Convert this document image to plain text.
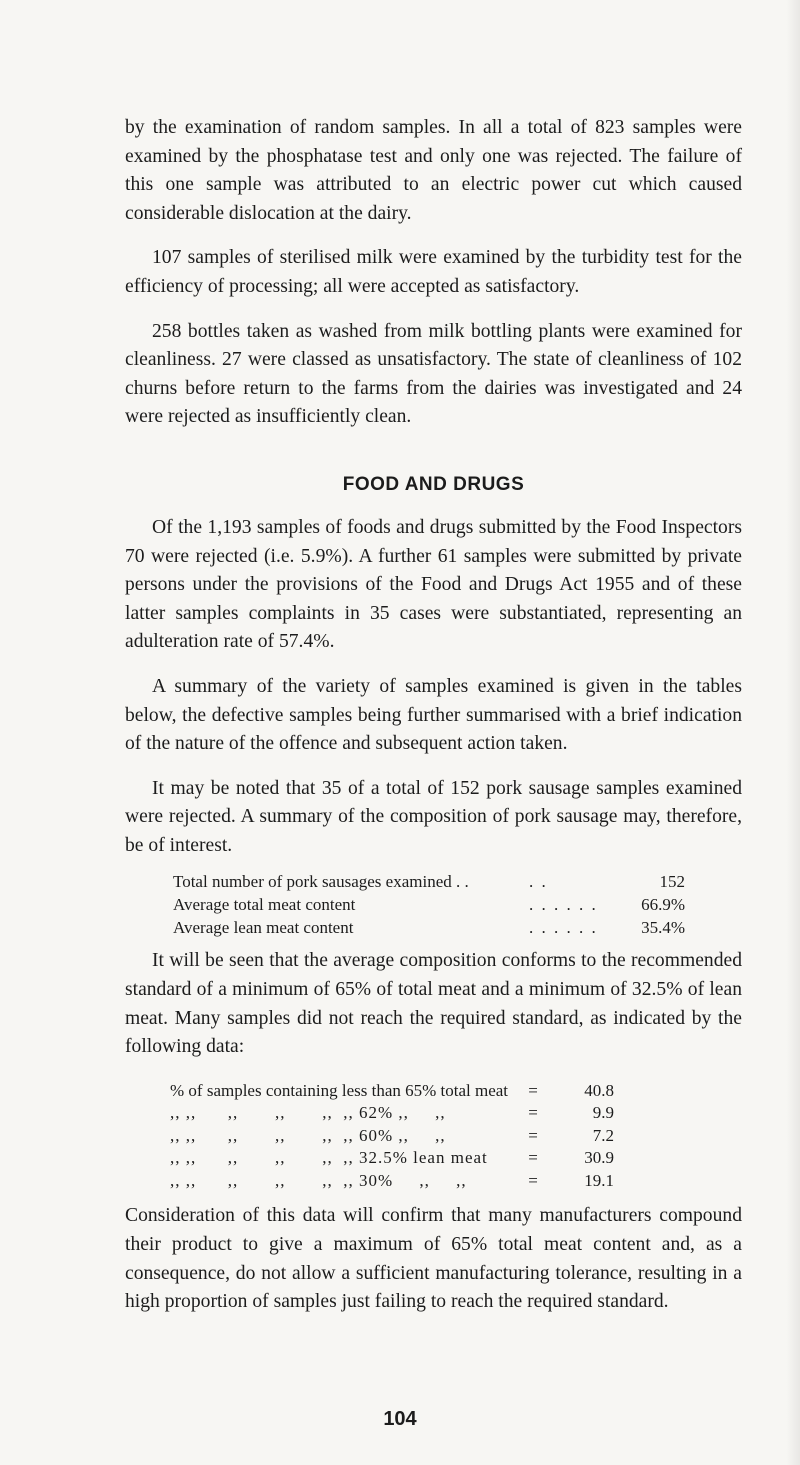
by the examination of random samples. In all a total of 823 samples were examined by the phosphatase test and only one was rejected. The failure of this one sample was attributed to an electric power cut which caused considerable dislocation at the dairy.

107 samples of sterilised milk were examined by the turbidity test for the efficiency of processing; all were accepted as satisfactory.

258 bottles taken as washed from milk bottling plants were examined for cleanliness. 27 were classed as unsatisfactory. The state of cleanliness of 102 churns before return to the farms from the dairies was investigated and 24 were rejected as insufficiently clean.

FOOD AND DRUGS

Of the 1,193 samples of foods and drugs submitted by the Food Inspectors 70 were rejected (i.e. 5.9%). A further 61 samples were submitted by private persons under the provisions of the Food and Drugs Act 1955 and of these latter samples complaints in 35 cases were substantiated, representing an adulteration rate of 57.4%.

A summary of the variety of samples examined is given in the tables below, the defective samples being further summarised with a brief indication of the nature of the offence and subsequent action taken.

It may be noted that 35 of a total of 152 pork sausage samples examined were rejected. A summary of the composition of pork sausage may, therefore, be of interest.

Total number of pork sausages examined . .	. .	152
Average total meat content	. . . . . .	66.9%
Average lean meat content	. . . . . .	35.4%

It will be seen that the average composition conforms to the recommended standard of a minimum of 65% of total meat and a minimum of 32.5% of lean meat. Many samples did not reach the required standard, as indicated by the following data:

% of samples containing less than 65% total meat	=	40.8
,, ,,      ,,       ,,       ,,  ,, 62% ,,     ,,	=	9.9
,, ,,      ,,       ,,       ,,  ,, 60% ,,     ,,	=	7.2
,, ,,      ,,       ,,       ,,  ,, 32.5% lean meat	=	30.9
,, ,,      ,,       ,,       ,,  ,, 30%     ,,     ,,	=	19.1

Consideration of this data will confirm that many manufacturers compound their product to give a maximum of 65% total meat content and, as a consequence, do not allow a sufficient manufacturing tolerance, resulting in a high proportion of samples just failing to reach the required standard.

104
